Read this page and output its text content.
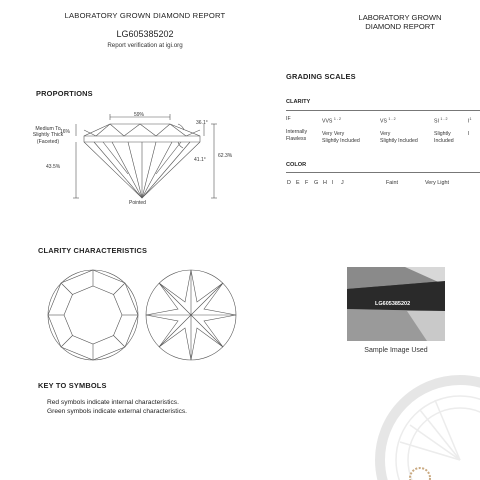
LABORATORY GROWN DIAMOND REPORT
LG605385202
Report verification at igi.org
LABORATORY GROWN
DIAMOND REPORT
PROPORTIONS
59%
36.1°
16%
Medium To
Slightly Thick
(Faceted)
43.5%
41.1°
62.3%
Pointed
GRADING SCALES
CLARITY
IF
Internally
Flawless
VVS $^{1 - 2}$
Very Very
Slightly Included
VS $^{1 - 2}$
Very
Slightly Included
SI $^{1 - 2}$
Slightly
Included
$I^1$
I
COLOR
D E F	G H I	J	Faint	Very Light
CLARITY CHARACTERISTICS
LG605385202
Sample Image Used
KEY TO SYMBOLS
Red symbols indicate internal characteristics.
Green symbols indicate external characteristics.
